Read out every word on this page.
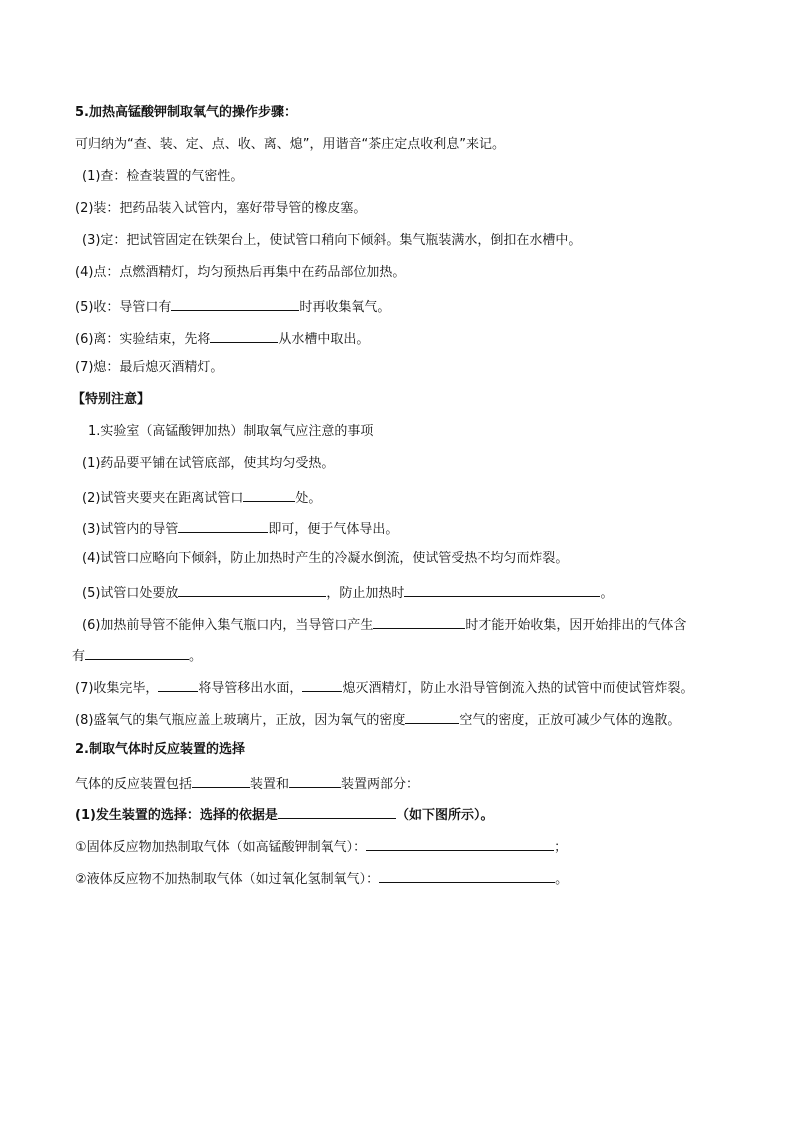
5.加热高锰酸钾制取氧气的操作步骤：
可归纳为“查、装、定、点、收、离、熄”，用谐音“茶庄定点收利息”来记。
(1)查：检查装置的气密性。
(2)装：把药品装入试管内，塞好带导管的橡皮塞。
(3)定：把试管固定在铁架台上，使试管口稍向下倾斜。集气瓶装满水，倒扣在水槽中。
(4)点：点燃酒精灯，均匀预热后再集中在药品部位加热。
(5)收：导管口有	时再收集氧气。
(6)离：实验结束，先将	从水槽中取出。
(7)熄：最后熄灭酒精灯。
【特别注意】
1.实验室（高锰酸钾加热）制取氧气应注意的事项
(1)药品要平铺在试管底部，使其均匀受热。
(2)试管夹要夹在距离试管口	处。
(3)试管内的导管	即可，便于气体导出。
(4)试管口应略向下倾斜，防止加热时产生的冷凝水倒流，使试管受热不均匀而炸裂。
(5)试管口处要放	，防止加热时	。
(6)加热前导管不能伸入集气瓶口内，当导管口产生	时才能开始收集，因开始排出的气体含
有	。
(7)收集完毕，	将导管移出水面，	熄灭酒精灯，防止水沿导管倒流入热的试管中而使试管炸裂。
(8)盛氧气的集气瓶应盖上玻璃片，正放，因为氧气的密度	空气的密度，正放可减少气体的逸散。
2.制取气体时反应装置的选择
气体的反应装置包括	装置和	装置两部分：
(1)发生装置的选择：选择的依据是	（如下图所示）。
①固体反应物加热制取气体（如高锰酸钾制氧气）：	；
②液体反应物不加热制取气体（如过氧化氢制氧气）：	。
